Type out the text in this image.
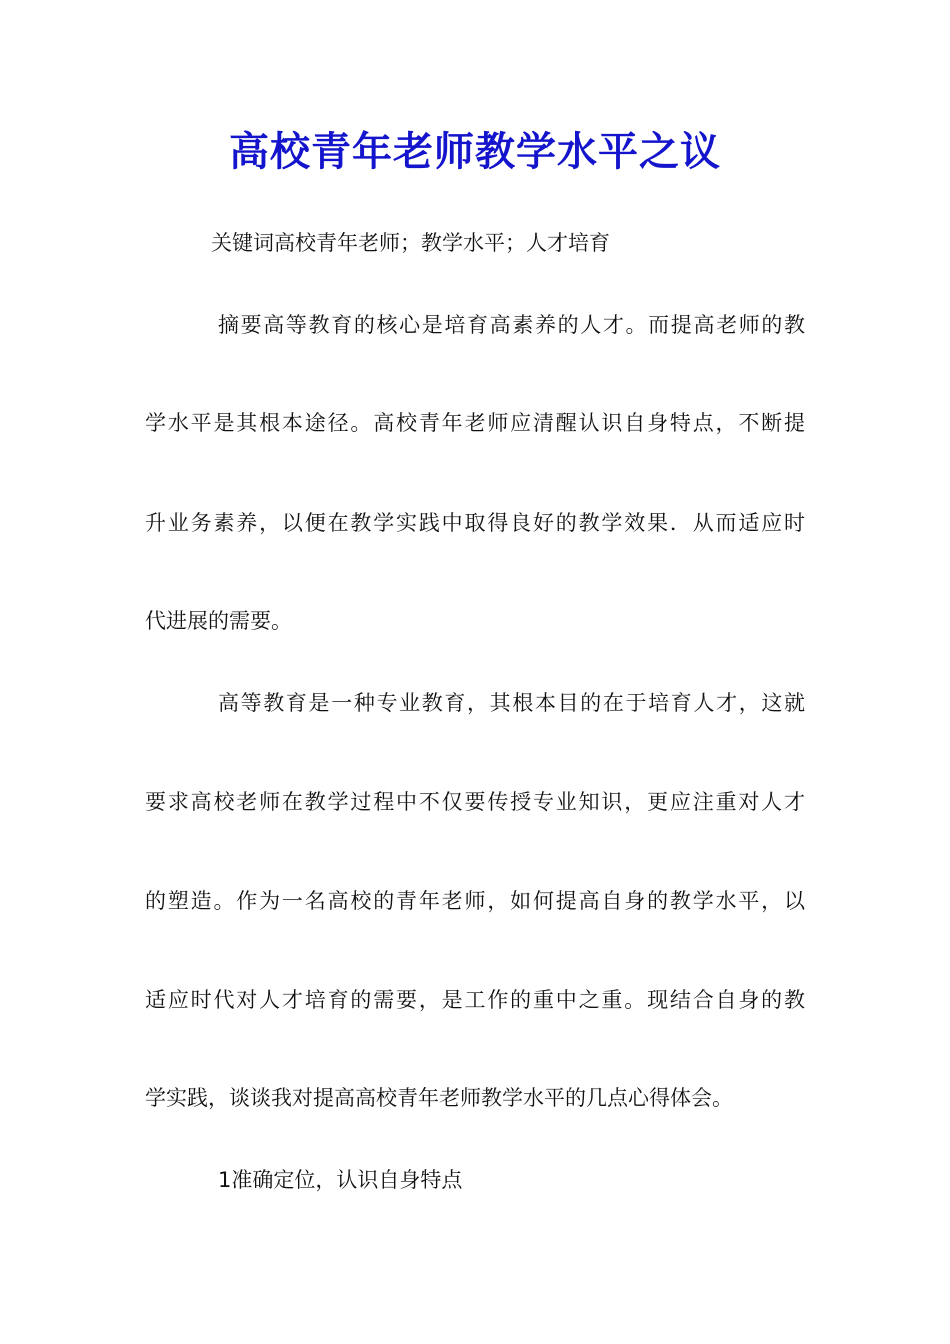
高校青年老师教学水平之议
关键词高校青年老师；教学水平；人才培育
摘要高等教育的核心是培育高素养的人才。而提高老师的教
学水平是其根本途径。高校青年老师应清醒认识自身特点，不断提
升业务素养，以便在教学实践中取得良好的教学效果．从而适应时
代进展的需要。
高等教育是一种专业教育，其根本目的在于培育人才，这就
要求高校老师在教学过程中不仅要传授专业知识，更应注重对人才
的塑造。作为一名高校的青年老师，如何提高自身的教学水平，以
适应时代对人才培育的需要，是工作的重中之重。现结合自身的教
学实践，谈谈我对提高高校青年老师教学水平的几点心得体会。
1准确定位，认识自身特点
